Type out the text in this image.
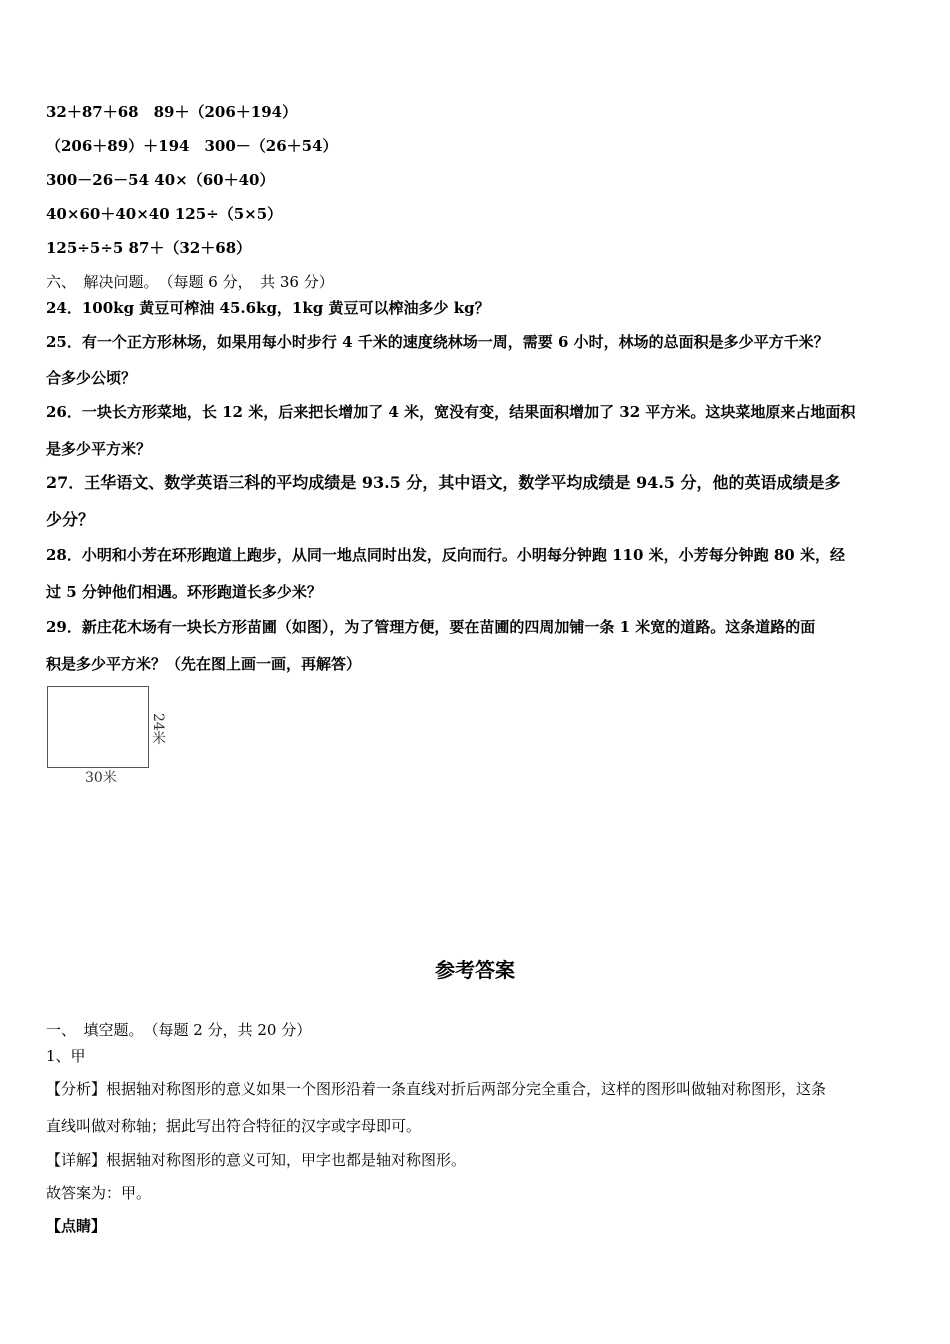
32＋87＋68　89＋（206＋194）
（206＋89）＋194　300－（26＋54）
300－26－54 40×（60＋40）
40×60＋40×40 125÷（5×5）
125÷5÷5 87＋（32＋68）
六、　解决问题。　（每题 6 分，　共 36 分）
24．100kg 黄豆可榨油 45.6kg，1kg 黄豆可以榨油多少 kg？
25．有一个正方形林场，如果用每小时步行 4 千米的速度绕林场一周，需要 6 小时，林场的总面积是多少平方千米？
合多少公顷？
26．一块长方形菜地，长 12 米，后来把长增加了 4 米，宽没有变，结果面积增加了 32 平方米。这块菜地原来占地面积
是多少平方米？
27．王华语文、数学英语三科的平均成绩是 93.5 分，其中语文，数学平均成绩是 94.5 分，他的英语成绩是多
少分？
28．小明和小芳在环形跑道上跑步，从同一地点同时出发，反向而行。小明每分钟跑 110 米，小芳每分钟跑 80 米，经
过 5 分钟他们相遇。环形跑道长多少米？
29．新庄花木场有一块长方形苗圃（如图），为了管理方便，要在苗圃的四周加铺一条 1 米宽的道路。这条道路的面
积是多少平方米？（先在图上画一画，再解答）
24米
30米
参考答案
一、　填空题。　（每题 2 分，共 20 分）
1、甲
【分析】根据轴对称图形的意义如果一个图形沿着一条直线对折后两部分完全重合，这样的图形叫做轴对称图形，这条
直线叫做对称轴；据此写出符合特征的汉字或字母即可。
【详解】根据轴对称图形的意义可知，甲字也都是轴对称图形。
故答案为：甲。
【点睛】
